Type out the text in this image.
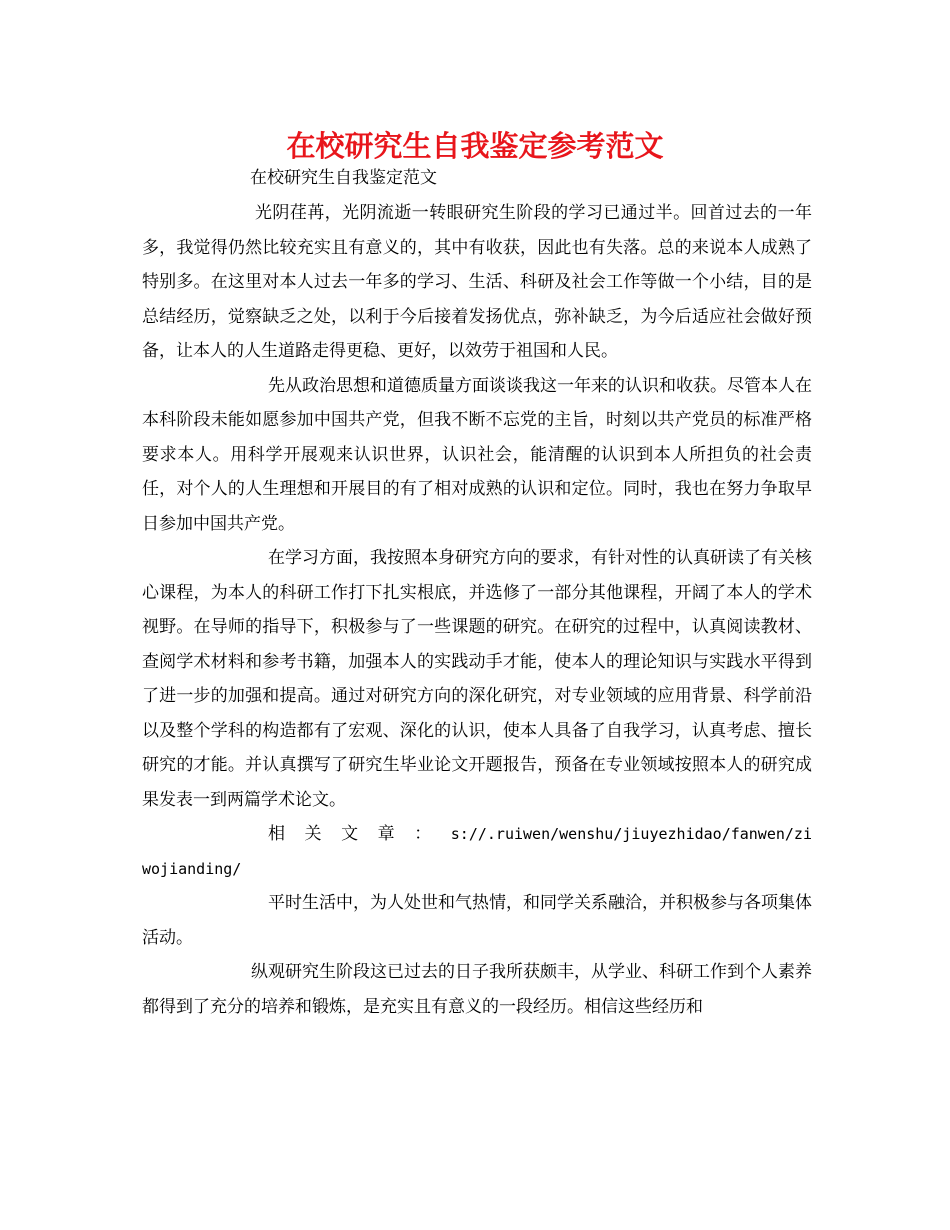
在校研究生自我鉴定参考范文

在校研究生自我鉴定范文

光阴荏苒，光阴流逝一转眼研究生阶段的学习已通过半。回首过去的一年多，我觉得仍然比较充实且有意义的，其中有收获，因此也有失落。总的来说本人成熟了特别多。在这里对本人过去一年多的学习、生活、科研及社会工作等做一个小结，目的是总结经历，觉察缺乏之处，以利于今后接着发扬优点，弥补缺乏，为今后适应社会做好预备，让本人的人生道路走得更稳、更好，以效劳于祖国和人民。

先从政治思想和道德质量方面谈谈我这一年来的认识和收获。尽管本人在本科阶段未能如愿参加中国共产党，但我不断不忘党的主旨，时刻以共产党员的标准严格要求本人。用科学开展观来认识世界，认识社会，能清醒的认识到本人所担负的社会责任，对个人的人生理想和开展目的有了相对成熟的认识和定位。同时，我也在努力争取早日参加中国共产党。

在学习方面，我按照本身研究方向的要求，有针对性的认真研读了有关核心课程，为本人的科研工作打下扎实根底，并选修了一部分其他课程，开阔了本人的学术视野。在导师的指导下，积极参与了一些课题的研究。在研究的过程中，认真阅读教材、查阅学术材料和参考书籍，加强本人的实践动手才能，使本人的理论知识与实践水平得到了进一步的加强和提高。通过对研究方向的深化研究，对专业领域的应用背景、科学前沿以及整个学科的构造都有了宏观、深化的认识，使本人具备了自我学习，认真考虑、擅长研究的才能。并认真撰写了研究生毕业论文开题报告，预备在专业领域按照本人的研究成果发表一到两篇学术论文。

相关文章：s://.ruiwen/wenshu/jiuyezhidao/fanwen/ziwojianding/

平时生活中，为人处世和气热情，和同学关系融洽，并积极参与各项集体活动。

纵观研究生阶段这已过去的日子我所获颇丰，从学业、科研工作到个人素养都得到了充分的培养和锻炼，是充实且有意义的一段经历。相信这些经历和
